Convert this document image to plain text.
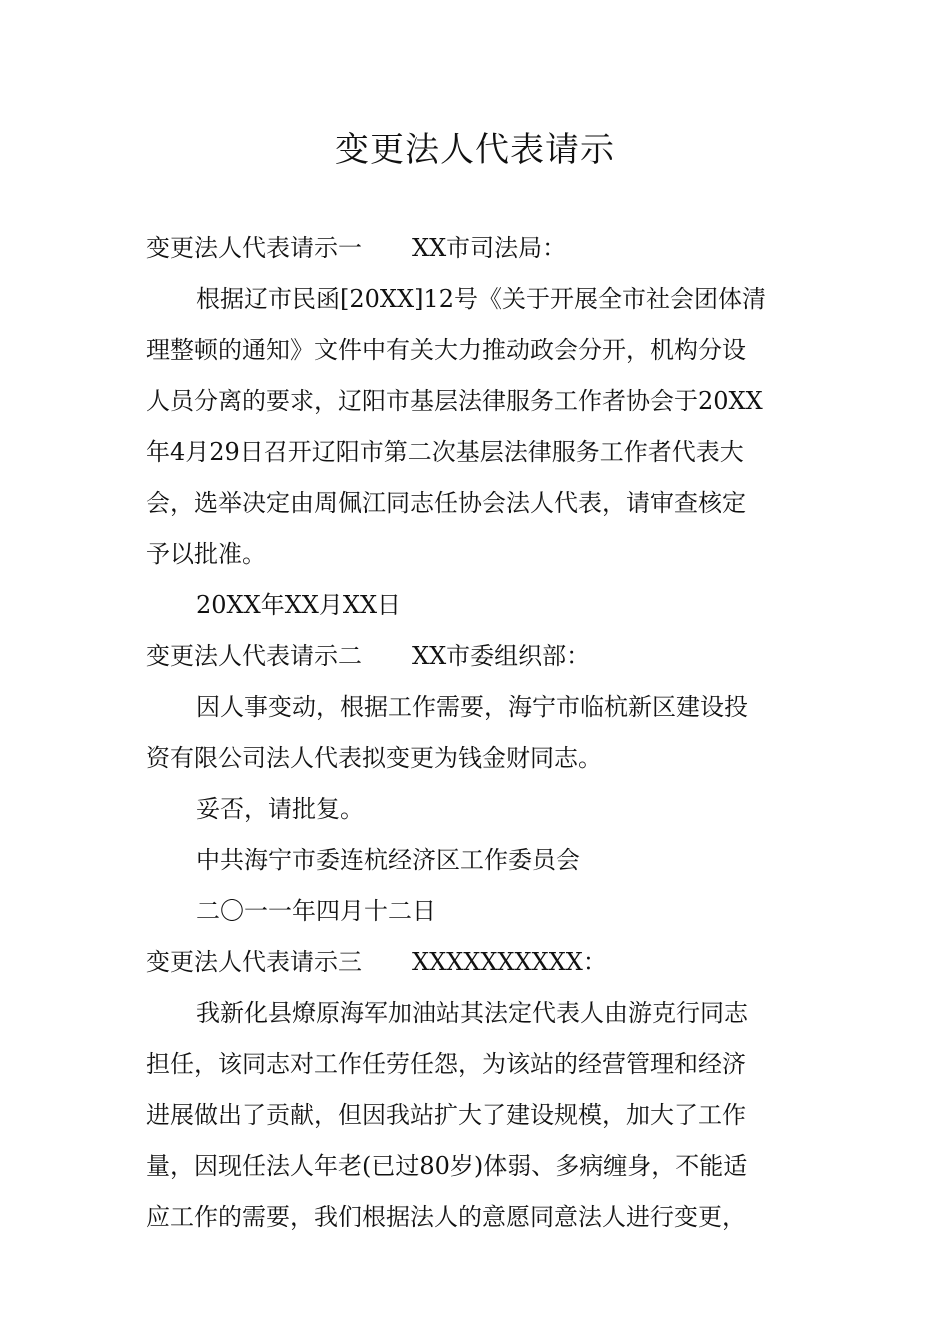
变更法人代表请示
变更法人代表请示一 XX市司法局：
根据辽市民函[20XX]12号《关于开展全市社会团体清
理整顿的通知》文件中有关大力推动政会分开，机构分设
人员分离的要求，辽阳市基层法律服务工作者协会于20XX
年4月29日召开辽阳市第二次基层法律服务工作者代表大
会，选举决定由周佩江同志任协会法人代表，请审查核定
予以批准。
20XX年XX月XX日
变更法人代表请示二 XX市委组织部：
因人事变动，根据工作需要，海宁市临杭新区建设投
资有限公司法人代表拟变更为钱金财同志。
妥否，请批复。
中共海宁市委连杭经济区工作委员会
二〇一一年四月十二日
变更法人代表请示三 XXXXXXXXXX：
我新化县燎原海军加油站其法定代表人由游克行同志
担任，该同志对工作任劳任怨，为该站的经营管理和经济
进展做出了贡献，但因我站扩大了建设规模，加大了工作
量，因现任法人年老(已过80岁)体弱、多病缠身，不能适
应工作的需要，我们根据法人的意愿同意法人进行变更，
